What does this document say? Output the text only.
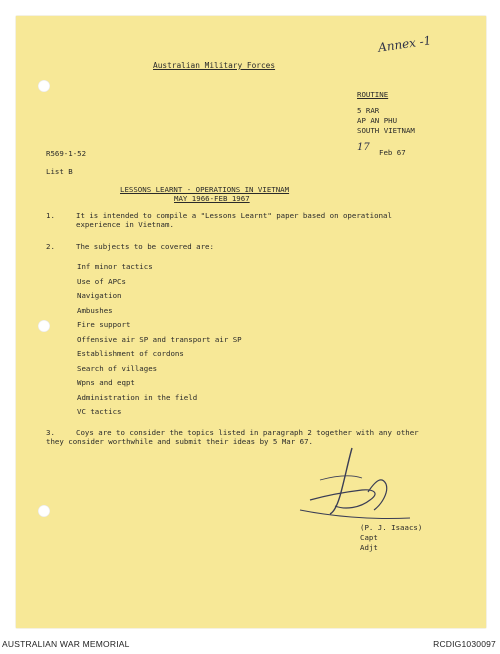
Australian Military Forces
Annex -1
ROUTINE
5 RAR
AP AN PHU
SOUTH VIETNAM
17 Feb 67
R569-1-52
List B
LESSONS LEARNT - OPERATIONS IN VIETNAM
MAY 1966-FEB 1967
1.	It is intended to compile a "Lessons Learnt" paper based on operational experience in Vietnam.
2.	The subjects to be covered are:
Inf minor tactics
Use of APCs
Navigation
Ambushes
Fire support
Offensive air SP and transport air SP
Establishment of cordons
Search of villages
Wpns and eqpt
Administration in the field
VC tactics
3.	Coys are to consider the topics listed in paragraph 2 together with any other they consider worthwhile and submit their ideas by 5 Mar 67.
(P. J. Isaacs)
Capt
Adjt
AUSTRALIAN WAR MEMORIAL	RCDIG1030097
